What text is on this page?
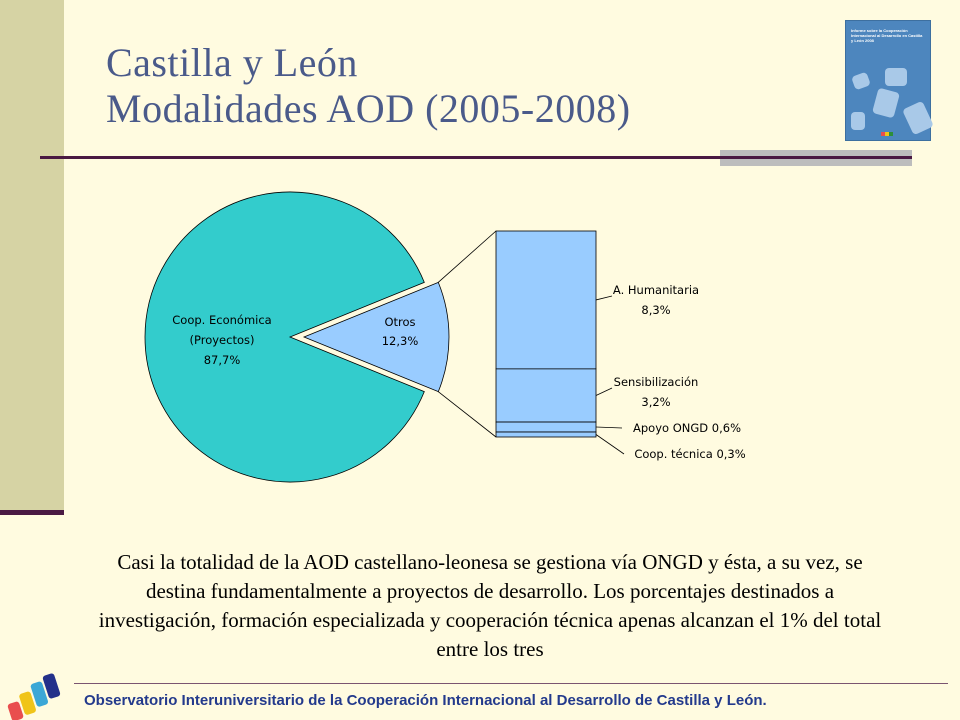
Castilla y León
Modalidades AOD (2005-2008)
Informe sobre la Cooperación Internacional al Desarrollo en Castilla y León 2008
Coop. Económica
(Proyectos)
87,7%
Otros
12,3%
A. Humanitaria
8,3%
Sensibilización
3,2%
Apoyo ONGD 0,6%
Coop. técnica 0,3%

Casi la totalidad de la AOD castellano-leonesa se gestiona vía ONGD y ésta, a su vez, se destina fundamentalmente a proyectos de desarrollo. Los porcentajes destinados a investigación, formación especializada y cooperación técnica apenas alcanzan el 1% del total entre los tres

Observatorio Interuniversitario de la Cooperación Internacional al Desarrollo de Castilla y León.
